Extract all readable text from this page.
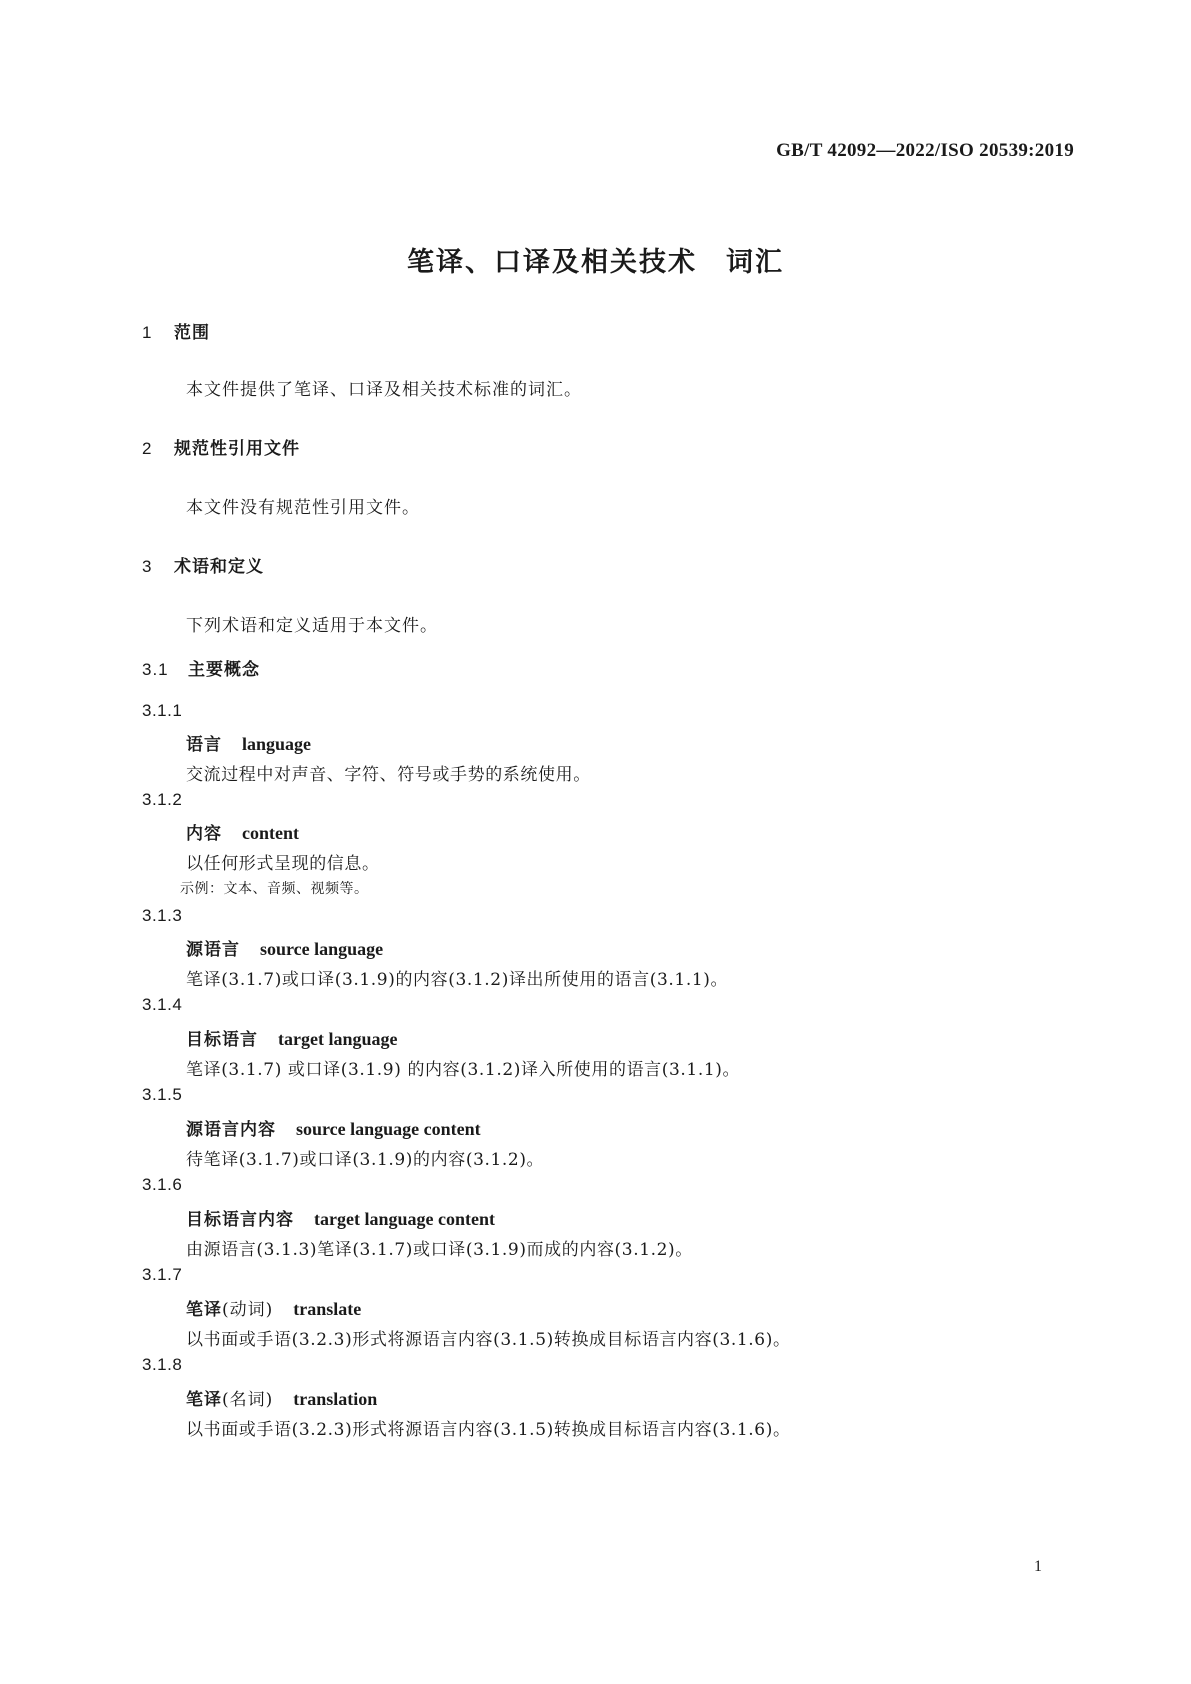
GB/T 42092—2022/ISO 20539:2019
笔译、口译及相关技术　词汇
1 范围
本文件提供了笔译、口译及相关技术标准的词汇。
2 规范性引用文件
本文件没有规范性引用文件。
3 术语和定义
下列术语和定义适用于本文件。
3.1 主要概念
3.1.1
语言 language
交流过程中对声音、字符、符号或手势的系统使用。
3.1.2
内容 content
以任何形式呈现的信息。
示例：文本、音频、视频等。
3.1.3
源语言 source language
笔译(3.1.7)或口译(3.1.9)的内容(3.1.2)译出所使用的语言(3.1.1)。
3.1.4
目标语言 target language
笔译(3.1.7) 或口译(3.1.9) 的内容(3.1.2)译入所使用的语言(3.1.1)。
3.1.5
源语言内容 source language content
待笔译(3.1.7)或口译(3.1.9)的内容(3.1.2)。
3.1.6
目标语言内容 target language content
由源语言(3.1.3)笔译(3.1.7)或口译(3.1.9)而成的内容(3.1.2)。
3.1.7
笔译(动词) translate
以书面或手语(3.2.3)形式将源语言内容(3.1.5)转换成目标语言内容(3.1.6)。
3.1.8
笔译(名词) translation
以书面或手语(3.2.3)形式将源语言内容(3.1.5)转换成目标语言内容(3.1.6)。
1
